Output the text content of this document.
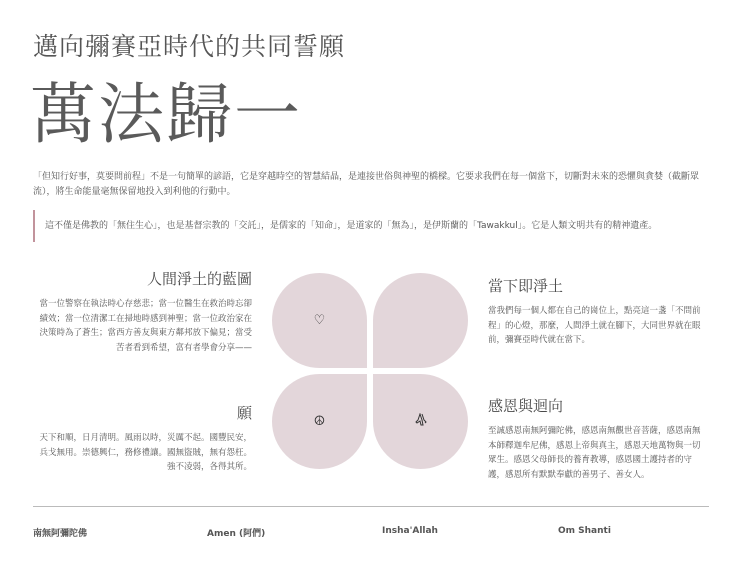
邁向彌賽亞時代的共同誓願
萬法歸一

「但知行好事，莫要問前程」不是一句簡單的諺語，它是穿越時空的智慧結晶，是連接世俗與神聖的橋樑。它要求我們在每一個當下，切斷對未來的恐懼與貪婪（截斷眾流），將生命能量毫無保留地投入到利他的行動中。

這不僅是佛教的「無住生心」，也是基督宗教的「交託」，是儒家的「知命」，是道家的「無為」，是伊斯蘭的「Tawakkul」。它是人類文明共有的精神遺產。
人間淨土的藍圖

當一位警察在執法時心存慈悲；當一位醫生在救治時忘卻績效；當一位清潔工在掃地時感到神聖；當一位政治家在決策時為了蒼生；當西方善友與東方鄰邦放下偏見；當受苦者看到希望，富有者學會分享——

當下即淨土

當我們每一個人都在自己的崗位上，點亮這一盞「不問前程」的心燈，那麼，人間淨土就在腳下，大同世界就在眼前，彌賽亞時代就在當下。

願

天下和順，日月清明。風雨以時，災厲不起。國豐民安，兵戈無用。崇德興仁，務修禮讓。國無盜賊，無有怨枉。強不凌弱，各得其所。

感恩與迴向

至誠感恩南無阿彌陀佛，感恩南無觀世音菩薩，感恩南無本師釋迦牟尼佛，感恩上帝與真主，感恩天地萬物與一切眾生。感恩父母師長的養育教導，感恩國土護持者的守護，感恩所有默默奉獻的善男子、善女人。

♡
☮
南無阿彌陀佛	Amen (阿們)	Insha'Allah	Om Shanti
